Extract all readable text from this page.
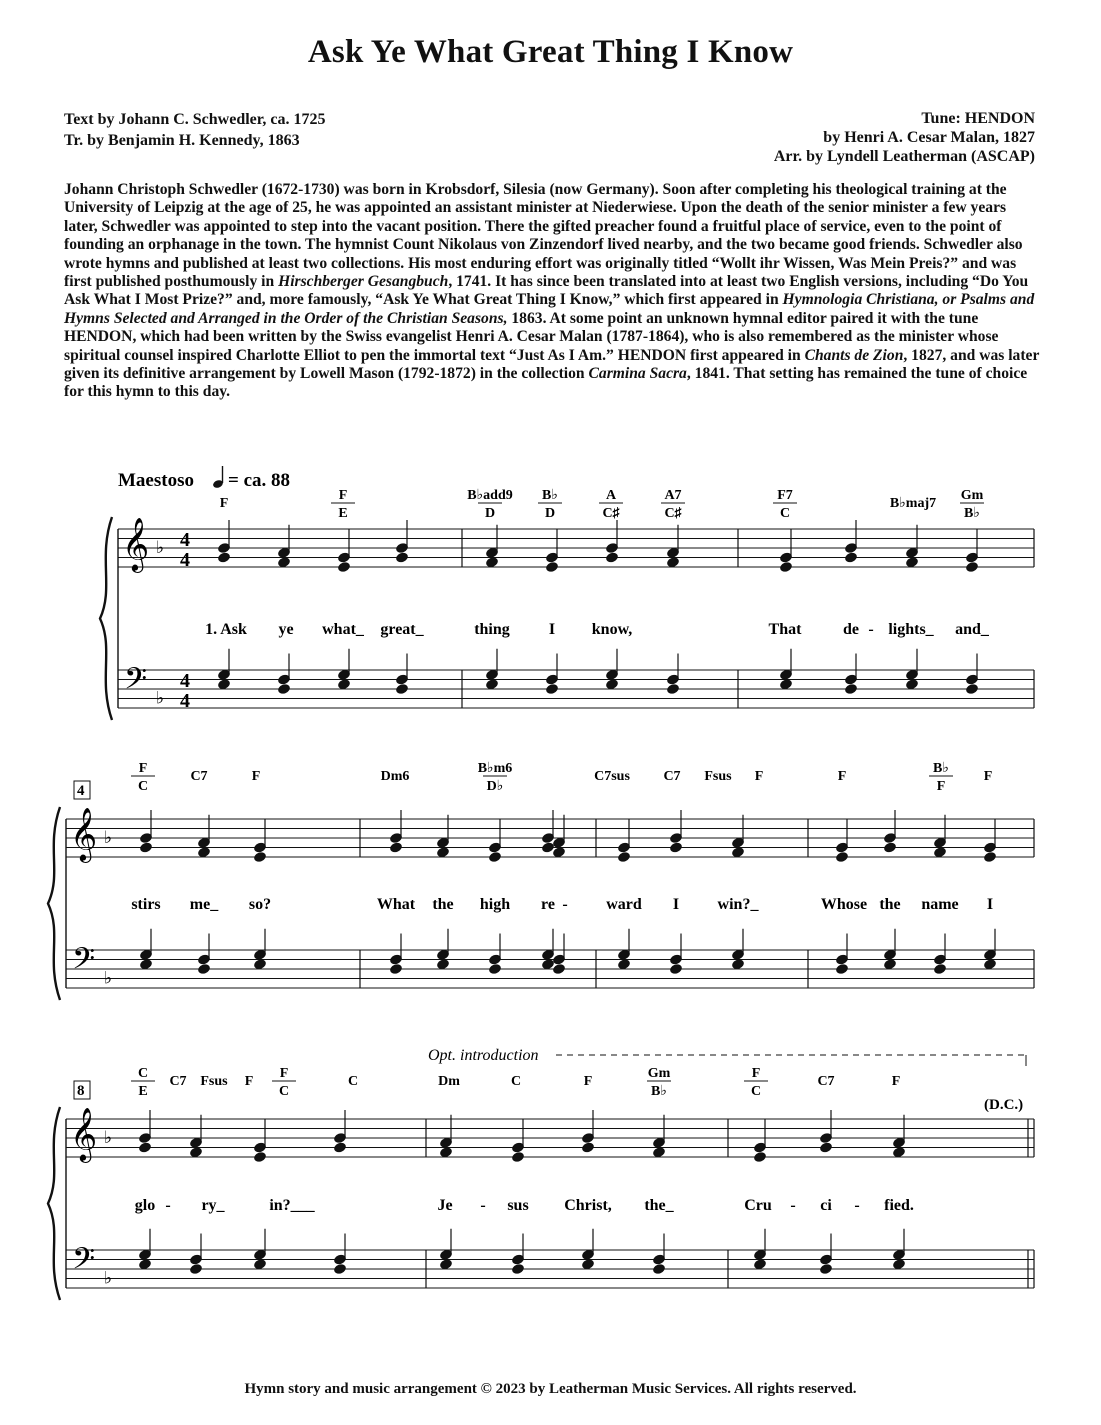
Ask Ye What Great Thing I Know
Text by Johann C. Schwedler, ca. 1725
Tr. by Benjamin H. Kennedy, 1863
Tune: HENDON
by Henri A. Cesar Malan, 1827
Arr. by Lyndell Leatherman (ASCAP)
Johann Christoph Schwedler (1672-1730) was born in Krobsdorf, Silesia (now Germany). Soon after completing his theological training at the University of Leipzig at the age of 25, he was appointed an assistant minister at Niederwiese. Upon the death of the senior minister a few years later, Schwedler was appointed to step into the vacant position. There the gifted preacher found a fruitful place of service, even to the point of founding an orphanage in the town. The hymnist Count Nikolaus von Zinzendorf lived nearby, and the two became good friends. Schwedler also wrote hymns and published at least two collections. His most enduring effort was originally titled “Wollt ihr Wissen, Was Mein Preis?” and was first published posthumously in Hirschberger Gesangbuch, 1741. It has since been translated into at least two English versions, including “Do You Ask What I Most Prize?” and, more famously, “Ask Ye What Great Thing I Know,” which first appeared in Hymnologia Christiana, or Psalms and Hymns Selected and Arranged in the Order of the Christian Seasons, 1863. At some point an unknown hymnal editor paired it with the tune HENDON, which had been written by the Swiss evangelist Henri A. Cesar Malan (1787-1864), who is also remembered as the minister whose spiritual counsel inspired Charlotte Elliot to pen the immortal text “Just As I Am.” HENDON first appeared in Chants de Zion, 1827, and was later given its definitive arrangement by Lowell Mason (1792-1872) in the collection Carmina Sacra, 1841. That setting has remained the tune of choice for this hymn to this day.
Maestoso = ca. 88
𝄞
𝄢
♭
♭
4
4
4
4
F
F
E
B♭add9
D
B♭
D
A
C♯
A7
C♯
F7
C
B♭maj7
Gm
B♭
1. Ask ye what_ great_	thing I know,	That	de - lights_ and_
𝄞
𝄢
♭
♭
4
F
C
C7	F	Dm6
B♭m6
D♭
C7sus C7 Fsus F	F
B♭
F
F
stirs me_ so?	What the high re - ward I win?_	Whose the name I
𝄞
𝄢
♭
♭
8
Opt. introduction
(D.C.)
C
E
C7 Fsus F
F
C
C	Dm	C	F
Gm
B♭
F
C
C7	F
glo - ry_	in?___	Je - sus Christ, the_	Cru - ci - fied.
Hymn story and music arrangement © 2023 by Leatherman Music Services. All rights reserved.
